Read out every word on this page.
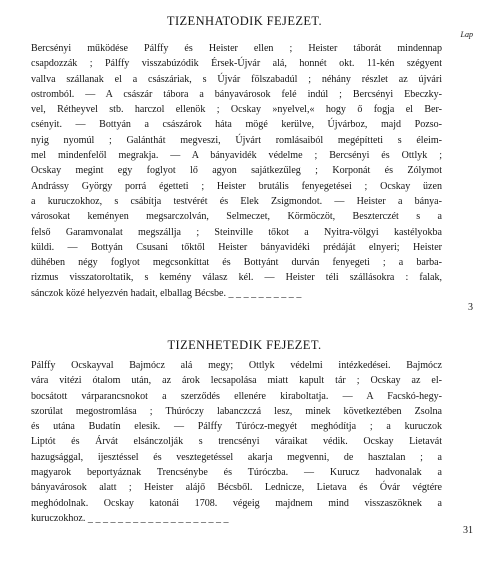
Lap
TIZENHATODIK FEJEZET.
Bercsényi működése Pálffy és Heister ellen ; Heister táborát mindennap
csapdozzák ; Pálffy visszabúzódik Érsek-Újvár alá, honnét okt. 11-kén szégyent
vallva szállanak el a császáriak, s Újvár fölszabadúl ; néhány részlet az újvári
ostromból. — A császár tábora a bányavárosok felé indúl ; Bercsényi Ebeczky-
vel, Rétheyvel stb. harczol ellenök ; Ocskay »nyelvel,« hogy ő fogja el Ber-
csényit. — Bottyán a császárok háta mögé kerülve, Újvárboz, majd Pozso-
nyig nyomúl ; Galánthát megveszi, Újvárt romlásaiból megépítteti s éleim-
mel mindenfelől megrakja. — A bányavidék védelme ; Bercsényi és Ottlyk ;
Ocskay megint egy foglyot lő agyon sajátkezűleg ; Korponát és Zólymot
Andrássy György porrá égetteti ; Heister brutális fenyegetései ; Ocskay üzen
a kuruczokhoz, s csábítja testvérét és Elek Zsigmondot. — Heister a bánya-
városokat keményen megsarczolván, Selmeczet, Körmöczöt, Beszterczét s a
felső Garamvonalat megszállja ; Steinville tőkot a Nyitra-völgyi kastélyokba
küldi. — Bottyán Csusani tőktől Heister bányavidéki prédáját elnyeri; Heister
dühében négy foglyot megcsonkíttat és Bottyánt durván fenyegeti ; a barba-
rizmus visszatoroltatik, s kemény válasz kél. — Heister téli szállásokra : falak,
sánczok közé helyezvén hadait, elballag Bécsbe. _ _ _ _ _ _ _ _ _ _
3
TIZENHETEDIK FEJEZET.
Pálffy Ocskayval Bajmócz alá megy; Ottlyk védelmi intézkedései. Bajmócz
vára vitézi ótalom után, az árok lecsapolása miatt kapult tár ; Ocskay az el-
bocsátott várparancsnokot a szerződés ellenére kiraboltatja. — A Facskó-hegy-
szorúlat megostromlása ; Thúróczy labanczczá lesz, minek következtében Zsolna
és utána Budatín elesik. — Pálffy Túrócz-megyét meghódítja ; a kuruczok
Liptót és Árvát elsánczolják s trencsényi váraikat védik. Ocskay Lietavát
hazugsággal, ijesztéssel és vesztegetéssel akarja megvenni, de hasztalan ; a
magyarok beportyáznak Trencsénybe és Túróczba. — Kurucz hadvonalak a
bányavárosok alatt ; Heister alájő Bécsből. Lednicze, Lietava és Óvár végtére
meghódolnak. Ocskay katonái 1708. végeig majdnem mind visszaszöknek a
kuruczokhoz. _ _ _ _ _ _ _ _ _ _ _ _ _ _ _ _ _ _ _
31
